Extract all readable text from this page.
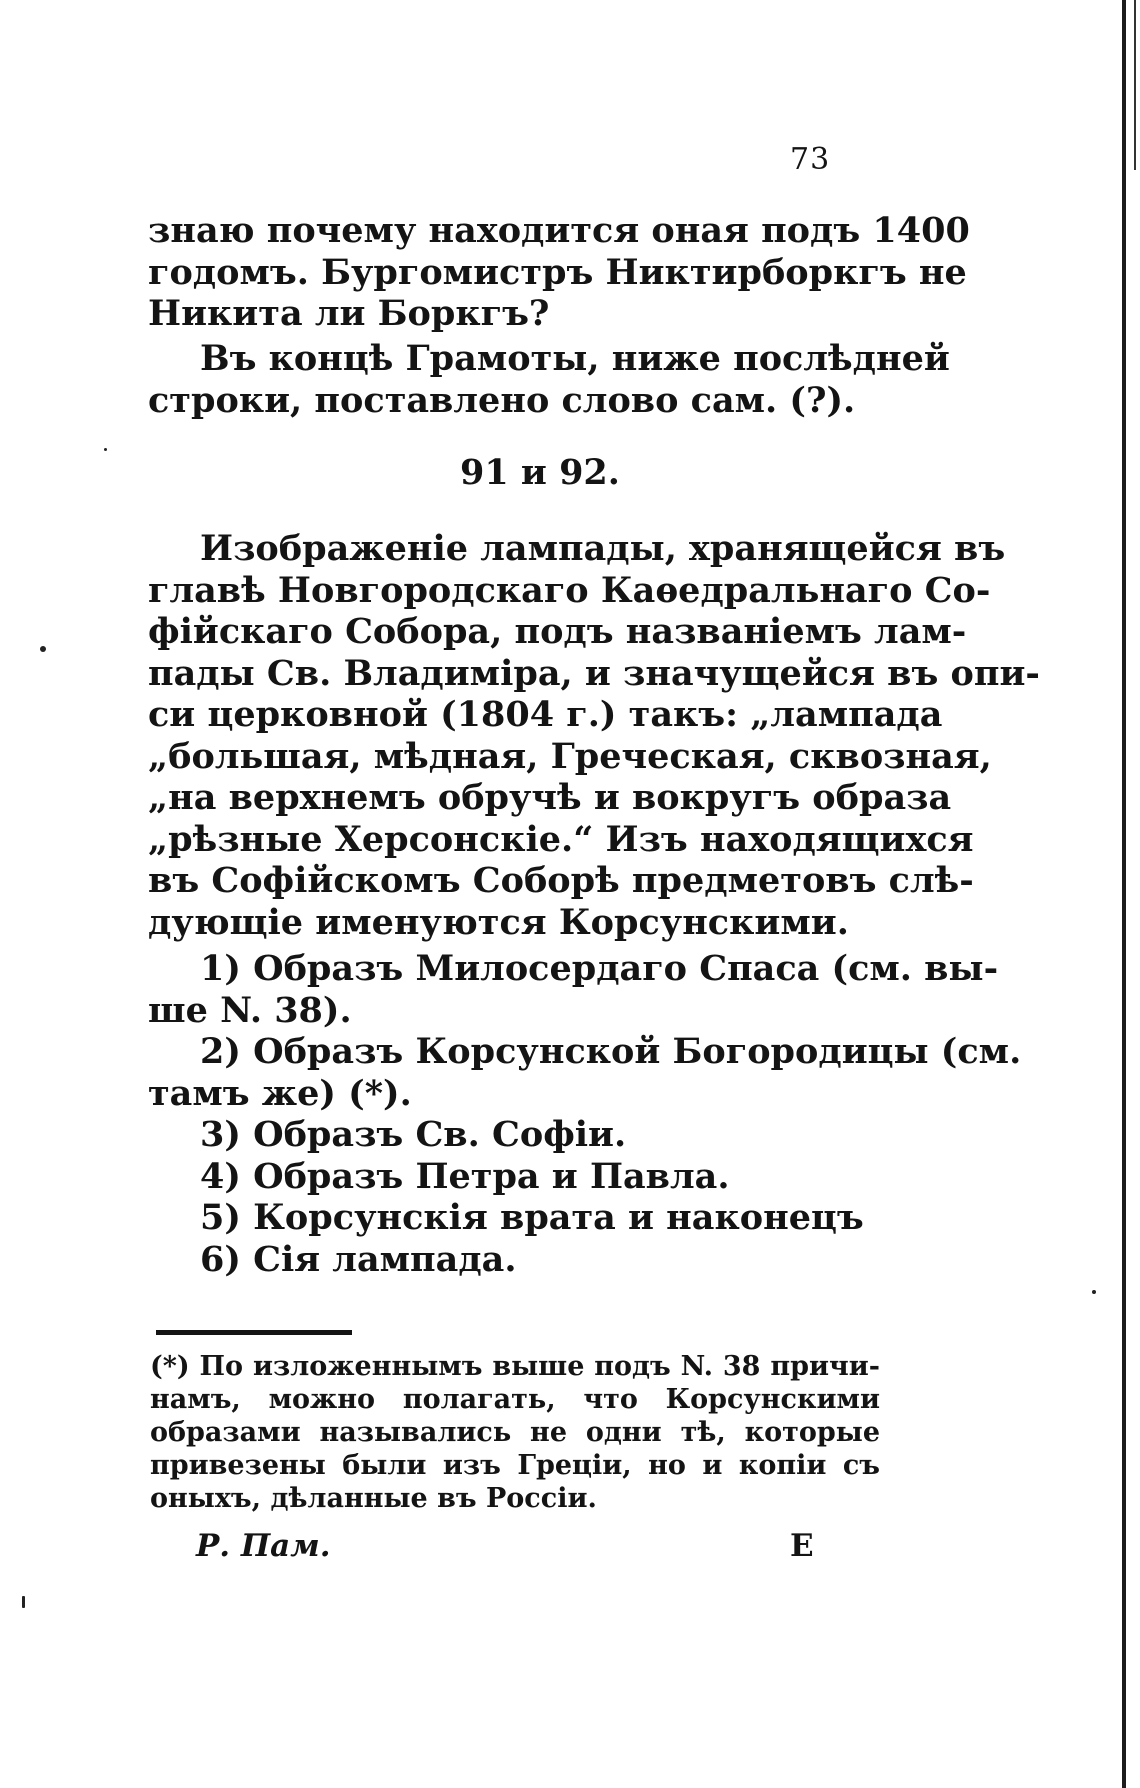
73
знаю почему находится оная подъ 1400
годомъ. Бургомистръ Никтирборкгъ не
Никита ли Боркгъ?
Въ концѣ Грамоты, ниже послѣдней
строки, поставлено слово сам. (?).
91 и 92.
Изображеніе лампады, хранящейся въ
главѣ Новгородскаго Каѳедральнаго Со-
фійскаго Собора, подъ названіемъ лам-
пады Св. Владиміра, и значущейся въ опи-
си церковной (1804 г.) такъ: „лампада
„большая, мѣдная, Греческая, сквозная,
„на верхнемъ обручѣ и вокругъ образа
„рѣзные Херсонскіе.“ Изъ находящихся
въ Софійскомъ Соборѣ предметовъ слѣ-
дующіе именуются Корсунскими.
1) Образъ Милосердаго Спаса (см. вы-
ше N. 38).
2) Образъ Корсунской Богородицы (см.
тамъ же) (*).
3) Образъ Св. Софіи.
4) Образъ Петра и Павла.
5) Корсунскія врата и наконецъ
6) Сія лампада.
(*) По изложеннымъ выше подъ N. 38 причи-
намъ, можно полагать, что Корсунскими
образами назывались не одни тѣ, которые
привезены были изъ Греціи, но и копіи съ
оныхъ, дѣланные въ Россіи.
Р. Пам.	Е
